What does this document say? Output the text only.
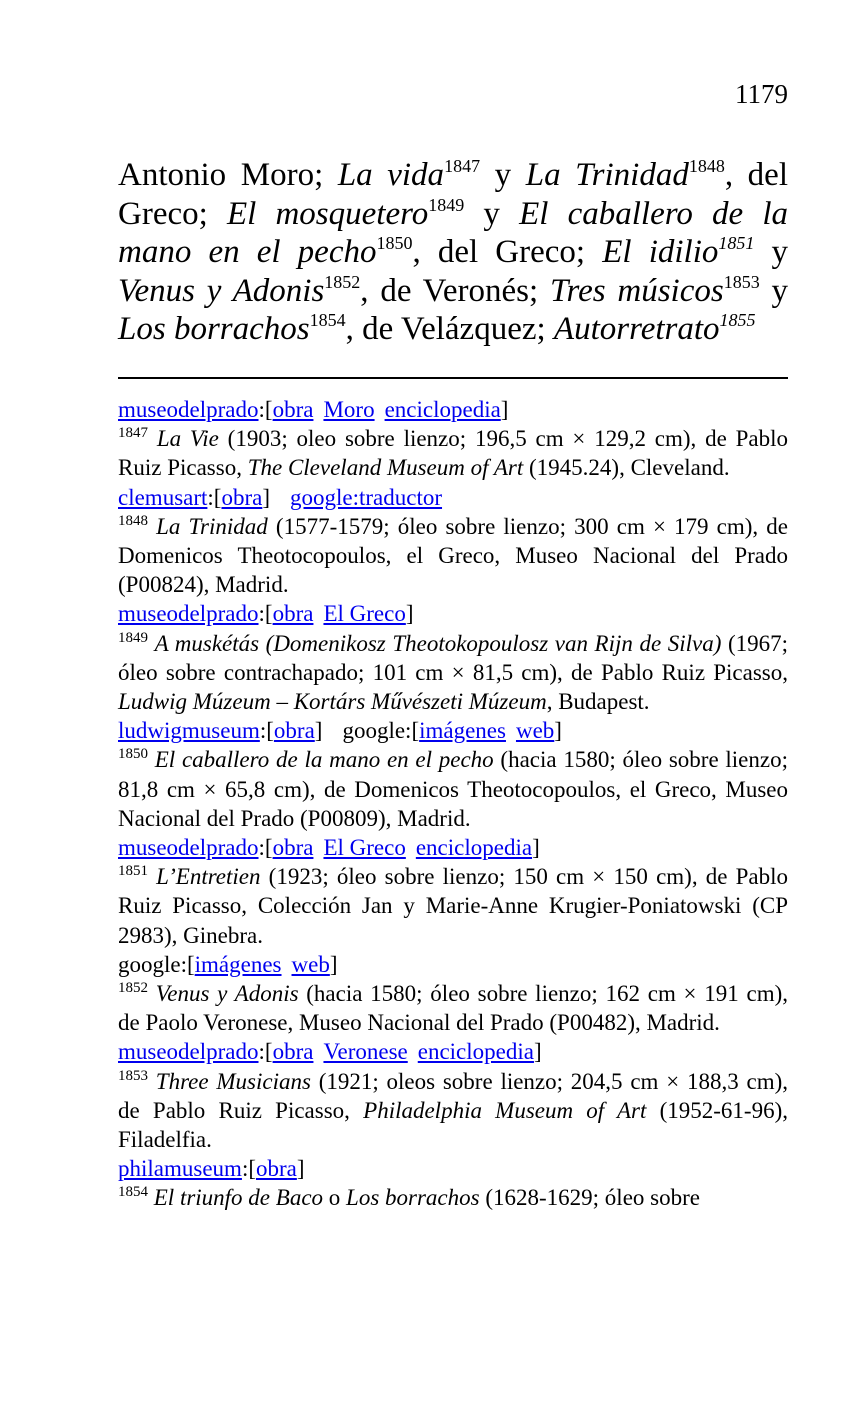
1179
Antonio Moro; La vida$^{1847}$ y La Trinidad$^{1848}$, del Greco; El mosquetero$^{1849}$ y El caballero de la mano en el pecho$^{1850}$, del Greco; El idilio$^{1851}$ y Venus y Adonis$^{1852}$, de Veronés; Tres músicos$^{1853}$ y Los borrachos$^{1854}$, de Velázquez; Autorretrato$^{1855}$
museodelprado:[obra Moro enciclopedia]
$^{1847}$ La Vie (1903; oleo sobre lienzo; 196,5 cm × 129,2 cm), de Pablo Ruiz Picasso, The Cleveland Museum of Art (1945.24), Cleveland.
clemusart:[obra] google:traductor
$^{1848}$ La Trinidad (1577-1579; óleo sobre lienzo; 300 cm × 179 cm), de Domenicos Theotocopoulos, el Greco, Museo Nacional del Prado (P00824), Madrid.
museodelprado:[obra El Greco]
$^{1849}$ A muskétás (Domenikosz Theotokopoulosz van Rijn de Silva) (1967; óleo sobre contrachapado; 101 cm × 81,5 cm), de Pablo Ruiz Picasso, Ludwig Múzeum – Kortárs Művészeti Múzeum, Budapest.
ludwigmuseum:[obra] google:[imágenes web]
$^{1850}$ El caballero de la mano en el pecho (hacia 1580; óleo sobre lienzo; 81,8 cm × 65,8 cm), de Domenicos Theotocopoulos, el Greco, Museo Nacional del Prado (P00809), Madrid.
museodelprado:[obra El Greco enciclopedia]
$^{1851}$ L’Entretien (1923; óleo sobre lienzo; 150 cm × 150 cm), de Pablo Ruiz Picasso, Colección Jan y Marie-Anne Krugier-Poniatowski (CP 2983), Ginebra.
google:[imágenes web]
$^{1852}$ Venus y Adonis (hacia 1580; óleo sobre lienzo; 162 cm × 191 cm), de Paolo Veronese, Museo Nacional del Prado (P00482), Madrid.
museodelprado:[obra Veronese enciclopedia]
$^{1853}$ Three Musicians (1921; oleos sobre lienzo; 204,5 cm × 188,3 cm), de Pablo Ruiz Picasso, Philadelphia Museum of Art (1952-61-96), Filadelfia.
philamuseum:[obra]
$^{1854}$ El triunfo de Baco o Los borrachos (1628-1629; óleo sobre
